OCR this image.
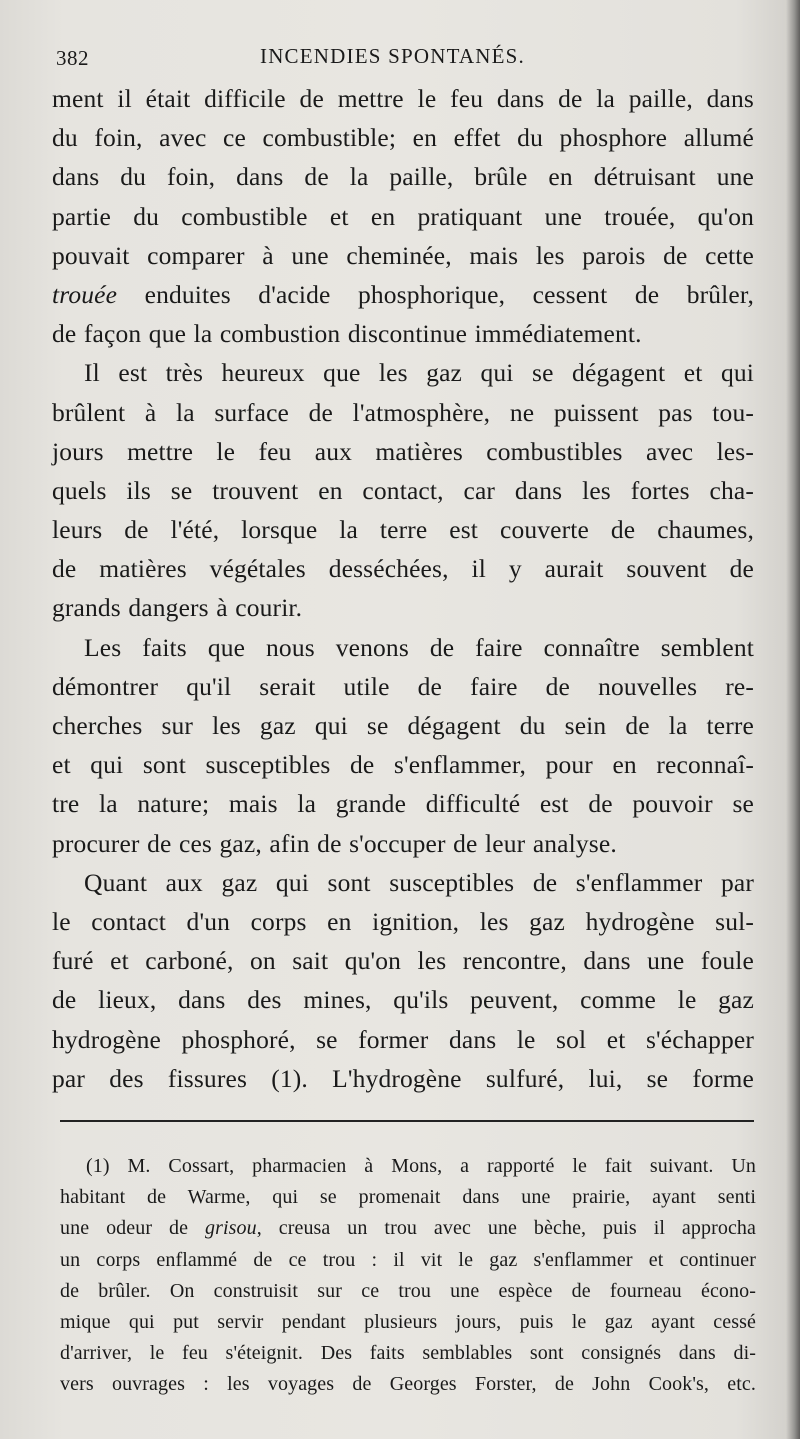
382	INCENDIES SPONTANÉS.
ment il était difficile de mettre le feu dans de la paille, dans
du foin, avec ce combustible; en effet du phosphore allumé
dans du foin, dans de la paille, brûle en détruisant une
partie du combustible et en pratiquant une trouée, qu'on
pouvait comparer à une cheminée, mais les parois de cette
trouée enduites d'acide phosphorique, cessent de brûler,
de façon que la combustion discontinue immédiatement.
Il est très heureux que les gaz qui se dégagent et qui
brûlent à la surface de l'atmosphère, ne puissent pas tou-
jours mettre le feu aux matières combustibles avec les-
quels ils se trouvent en contact, car dans les fortes cha-
leurs de l'été, lorsque la terre est couverte de chaumes,
de matières végétales desséchées, il y aurait souvent de
grands dangers à courir.
Les faits que nous venons de faire connaître semblent
démontrer qu'il serait utile de faire de nouvelles re-
cherches sur les gaz qui se dégagent du sein de la terre
et qui sont susceptibles de s'enflammer, pour en reconnaî-
tre la nature; mais la grande difficulté est de pouvoir se
procurer de ces gaz, afin de s'occuper de leur analyse.
Quant aux gaz qui sont susceptibles de s'enflammer par
le contact d'un corps en ignition, les gaz hydrogène sul-
furé et carboné, on sait qu'on les rencontre, dans une foule
de lieux, dans des mines, qu'ils peuvent, comme le gaz
hydrogène phosphoré, se former dans le sol et s'échapper
par des fissures (1). L'hydrogène sulfuré, lui, se forme
(1) M. Cossart, pharmacien à Mons, a rapporté le fait suivant. Un
habitant de Warme, qui se promenait dans une prairie, ayant senti
une odeur de grisou, creusa un trou avec une bèche, puis il approcha
un corps enflammé de ce trou : il vit le gaz s'enflammer et continuer
de brûler. On construisit sur ce trou une espèce de fourneau écono-
mique qui put servir pendant plusieurs jours, puis le gaz ayant cessé
d'arriver, le feu s'éteignit. Des faits semblables sont consignés dans di-
vers ouvrages : les voyages de Georges Forster, de John Cook's, etc.
